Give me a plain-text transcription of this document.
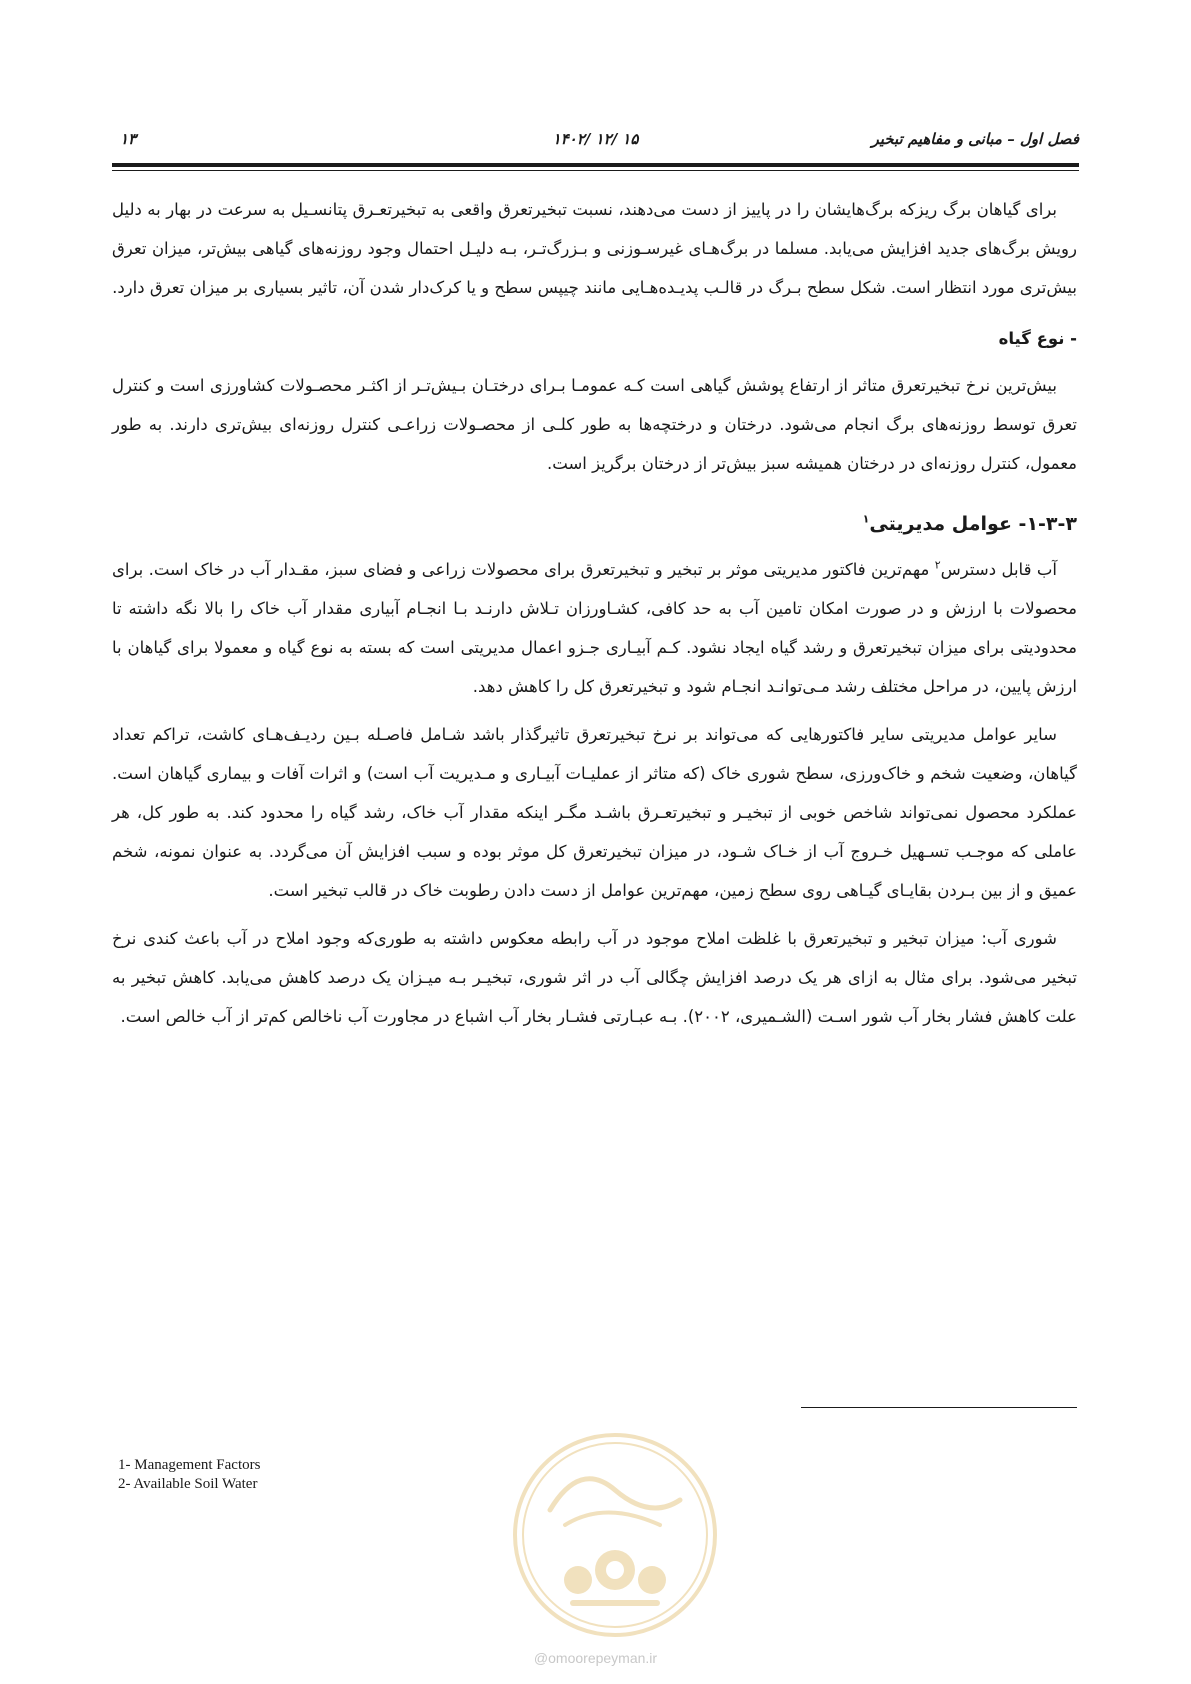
فصل اول – مبانی و مفاهیم تبخیر
۱۴۰۲/ ۱۲/ ۱۵
۱۳

برای گیاهان برگ ریزکه برگ‌هایشان را در پاییز از دست می‌دهند، نسبت تبخیرتعرق واقعی به تبخیرتعـرق پتانسـیل به سرعت در بهار به دلیل رویش برگ‌های جدید افزایش می‌یابد. مسلما در برگ‌هـای غیرسـوزنی و بـزرگ‌تـر، بـه دلیـل احتمال وجود روزنه‌های گیاهی بیش‌تر، میزان تعرق بیش‌تری مورد انتظار است. شکل سطح بـرگ در قالـب پدیـده‌هـایی مانند چیپس سطح و یا کرک‌دار شدن آن، تاثیر بسیاری بر میزان تعرق دارد.

- نوع گیاه

بیش‌ترین نرخ تبخیرتعرق متاثر از ارتفاع پوشش گیاهی است کـه عمومـا بـرای درختـان بـیش‌تـر از اکثـر محصـولات کشاورزی است و کنترل تعرق توسط روزنه‌های برگ انجام می‌شود. درختان و درختچه‌ها به طور کلـی از محصـولات زراعـی کنترل روزنه‌ای بیش‌تری دارند. به طور معمول، کنترل روزنه‌ای در درختان همیشه سبز بیش‌تر از درختان برگریز است.

۱-۳-۳- عوامل مدیریتی$^۱$

آب قابل دسترس$^۲$ مهم‌ترین فاکتور مدیریتی موثر بر تبخیر و تبخیرتعرق برای محصولات زراعی و فضای سبز، مقـدار آب در خاک است. برای محصولات با ارزش و در صورت امکان تامین آب به حد کافی، کشـاورزان تـلاش دارنـد بـا انجـام آبیاری مقدار آب خاک را بالا نگه داشته تا محدودیتی برای میزان تبخیرتعرق و رشد گیاه ایجاد نشود. کـم آبیـاری جـزو اعمال مدیریتی است که بسته به نوع گیاه و معمولا برای گیاهان با ارزش پایین، در مراحل مختلف رشد مـی‌توانـد انجـام شود و تبخیرتعرق کل را کاهش دهد.

سایر عوامل مدیریتی سایر فاکتورهایی که می‌تواند بر نرخ تبخیرتعرق تاثیرگذار باشد شـامل فاصـله بـین ردیـف‌هـای کاشت، تراکم تعداد گیاهان، وضعیت شخم و خاک‌ورزی، سطح شوری خاک (که متاثر از عملیـات آبیـاری و مـدیریت آب است) و اثرات آفات و بیماری گیاهان است. عملکرد محصول نمی‌تواند شاخص خوبی از تبخیـر و تبخیرتعـرق باشـد مگـر اینکه مقدار آب خاک، رشد گیاه را محدود کند. به طور کل، هر عاملی که موجـب تسـهیل خـروج آب از خـاک شـود، در میزان تبخیرتعرق کل موثر بوده و سبب افزایش آن می‌گردد. به عنوان نمونه، شخم عمیق و از بین بـردن بقایـای گیـاهی روی سطح زمین، مهم‌ترین عوامل از دست دادن رطوبت خاک در قالب تبخیر است.

شوری آب: میزان تبخیر و تبخیرتعرق با غلظت املاح موجود در آب رابطه معکوس داشته به طوری‌که وجود املاح در آب باعث کندی نرخ تبخیر می‌شود. برای مثال به ازای هر یک درصد افزایش چگالی آب در اثر شوری، تبخیـر بـه میـزان یک درصد کاهش می‌یابد. کاهش تبخیر به علت کاهش فشار بخار آب شور اسـت (الشـمیری، ۲۰۰۲). بـه عبـارتی فشـار بخار آب اشباع در مجاورت آب ناخالص کم‌تر از آب خالص است.

1- Management Factors
2- Available Soil Water
@omoorepeyman.ir
